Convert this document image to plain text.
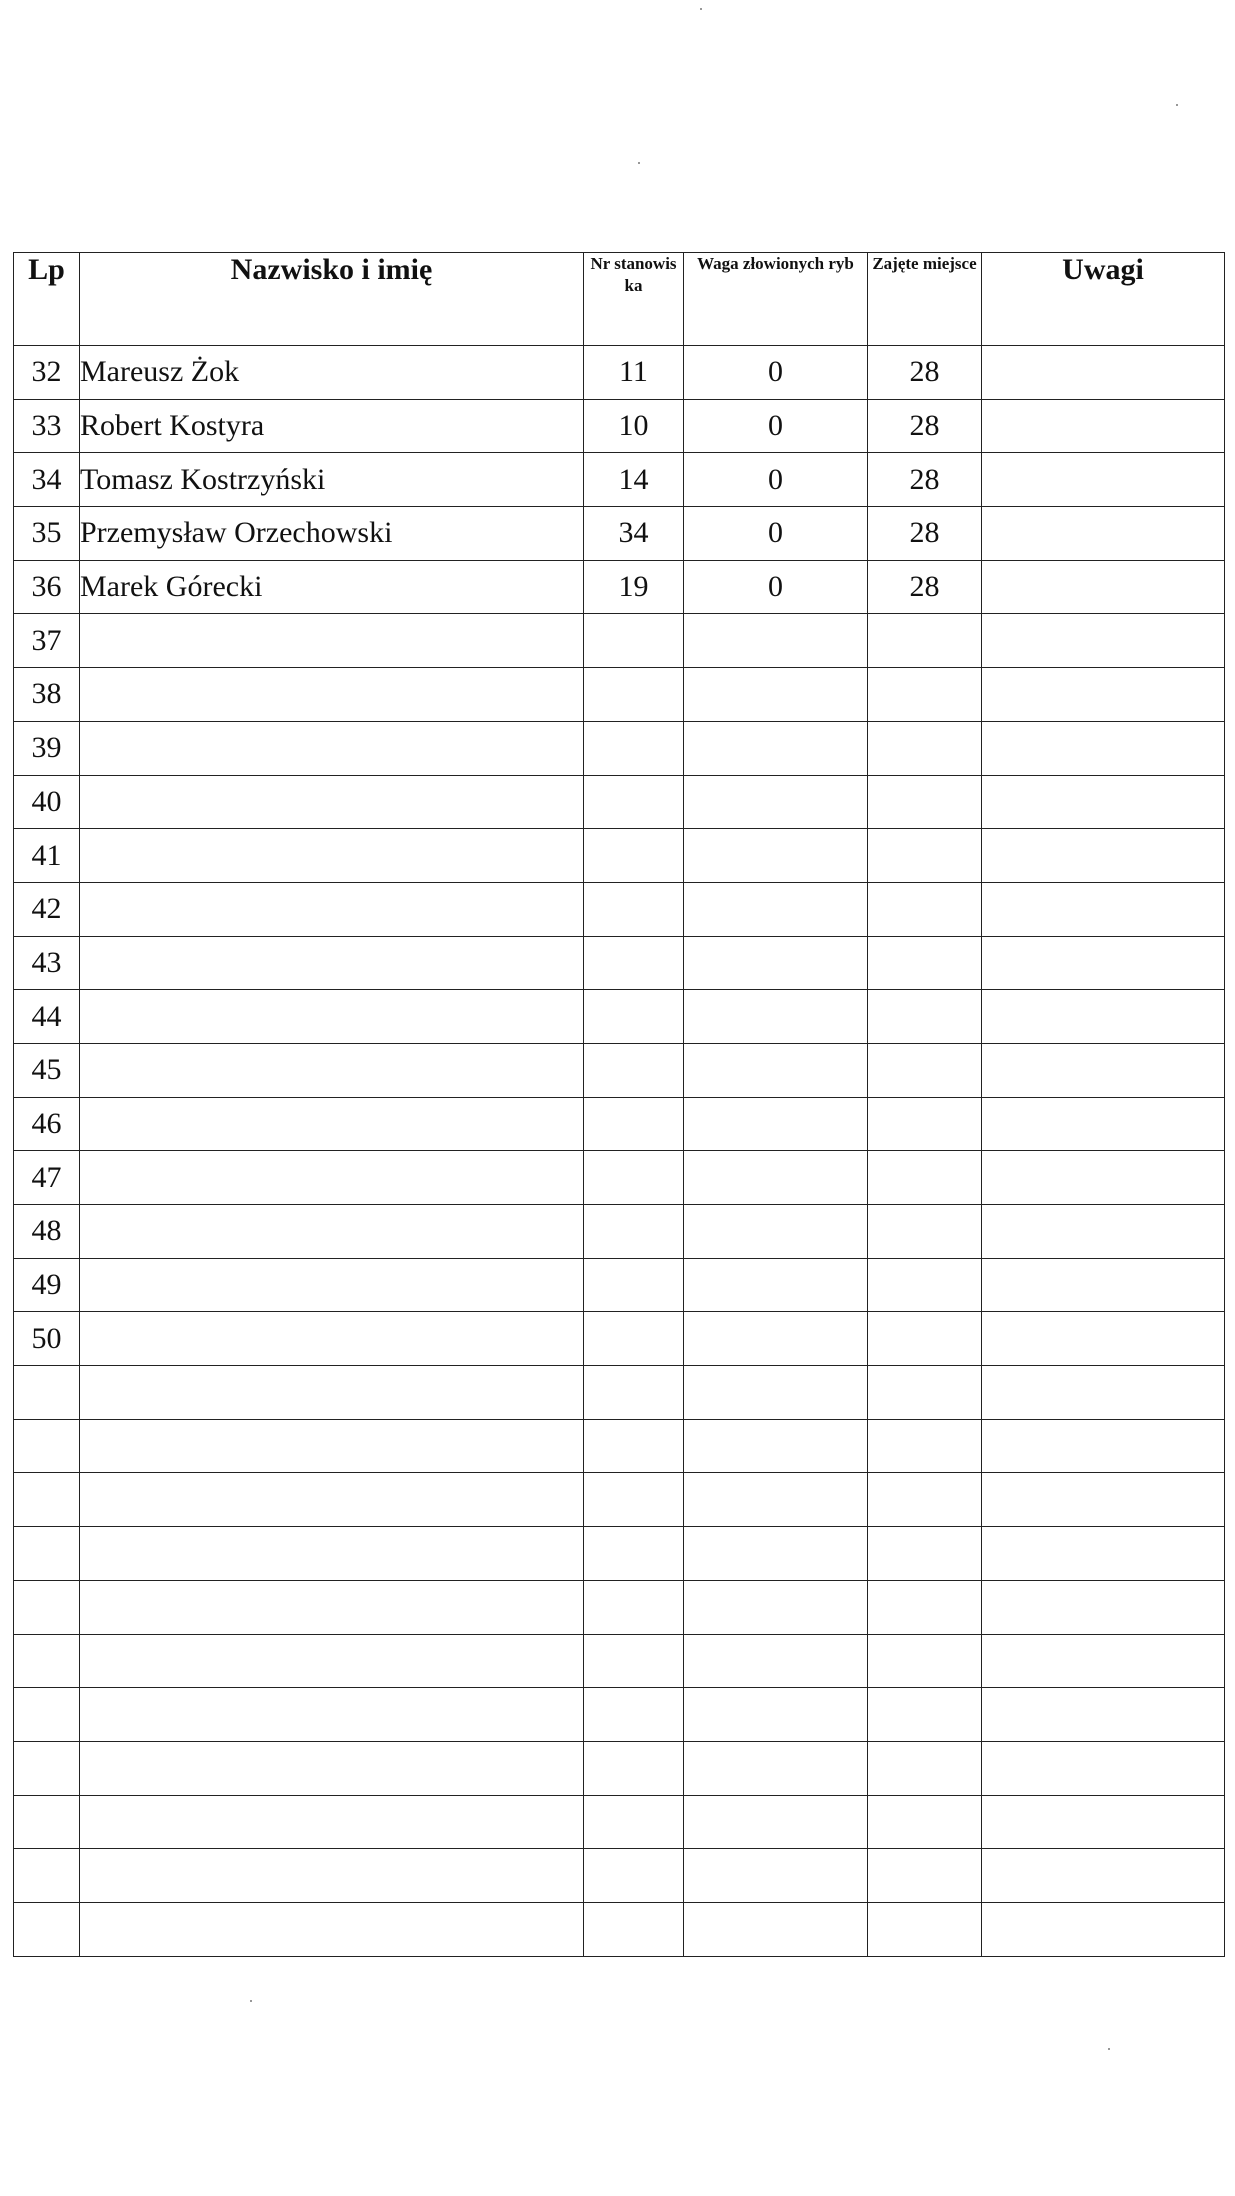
Lp	Nazwisko i imię	Nr stanowis ka	Waga złowionych ryb	Zajęte miejsce	Uwagi
32	Mareusz Żok	11	0	28	
33	Robert Kostyra	10	0	28	
34	Tomasz Kostrzyński	14	0	28	
35	Przemysław Orzechowski	34	0	28	
36	Marek Górecki	19	0	28	
37					
38					
39					
40					
41					
42					
43					
44					
45					
46					
47					
48					
49					
50					
